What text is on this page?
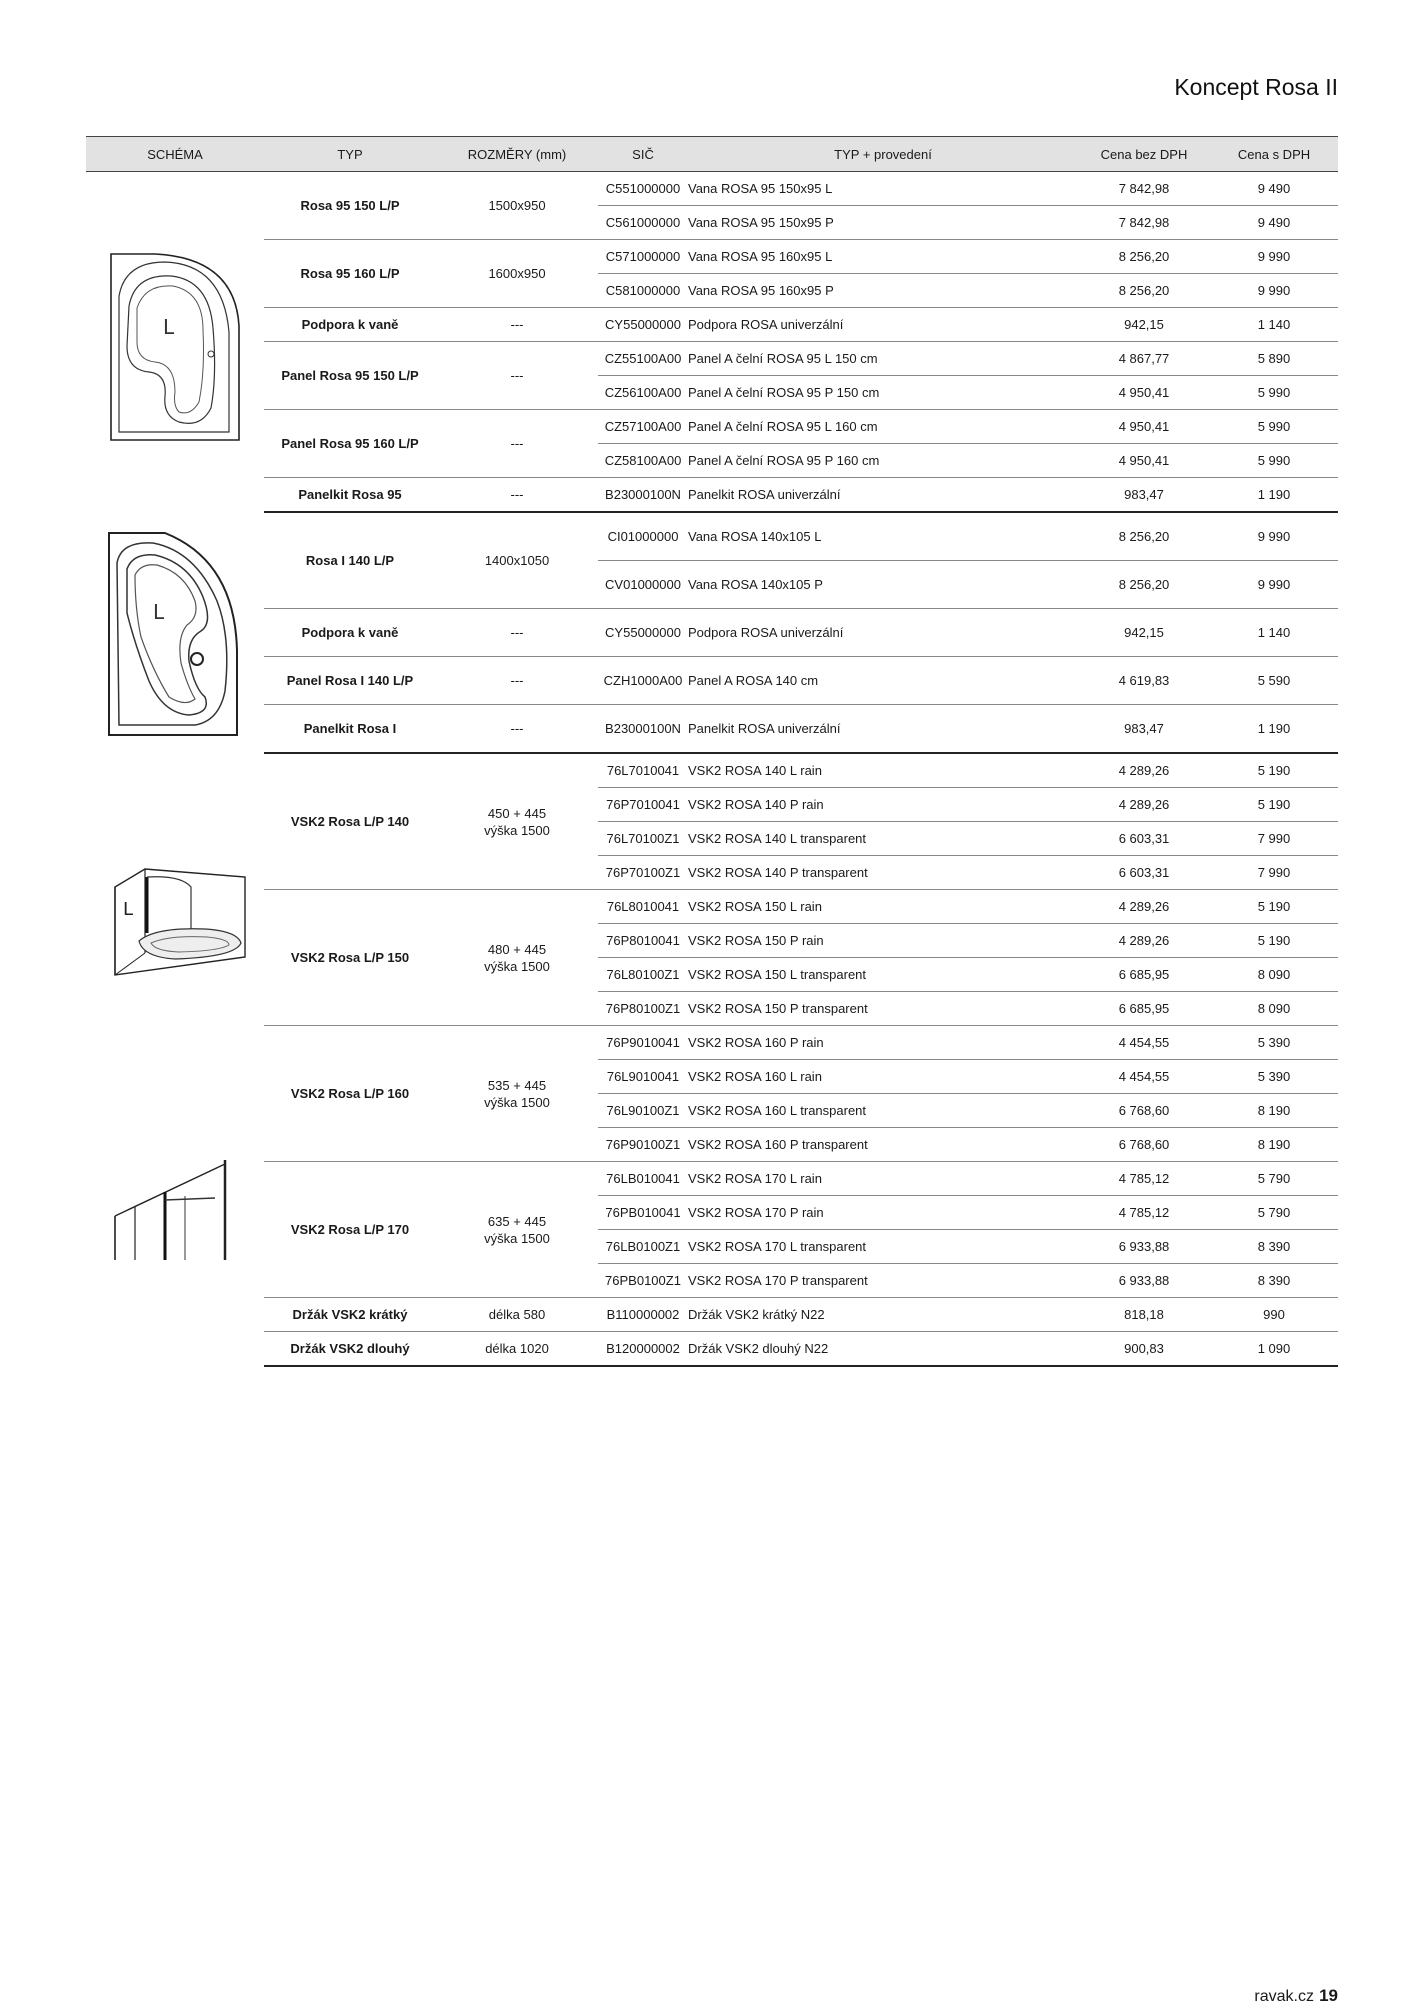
Koncept Rosa II
SCHÉMA	TYP	ROZMĚRY (mm)	SIČ	TYP + provedení	Cena bez DPH	Cena s DPH

L	Rosa 95 150 L/P	1500x950	C551000000	Vana ROSA 95 150x95 L	7 842,98	9 490
			C561000000	Vana ROSA 95 150x95 P	7 842,98	9 490
	Rosa 95 160 L/P	1600x950	C571000000	Vana ROSA 95 160x95 L	8 256,20	9 990
			C581000000	Vana ROSA 95 160x95 P	8 256,20	9 990
	Podpora k vaně	---	CY55000000	Podpora ROSA univerzální	942,15	1 140
	Panel Rosa 95 150 L/P	---	CZ55100A00	Panel A čelní ROSA 95 L 150 cm	4 867,77	5 890
			CZ56100A00	Panel A čelní ROSA 95 P 150 cm	4 950,41	5 990
	Panel Rosa 95 160 L/P	---	CZ57100A00	Panel A čelní ROSA 95 L 160 cm	4 950,41	5 990
			CZ58100A00	Panel A čelní ROSA 95 P 160 cm	4 950,41	5 990
	Panelkit Rosa 95	---	B23000100N	Panelkit ROSA univerzální	983,47	1 190

L	Rosa I 140 L/P	1400x1050	CI01000000	Vana ROSA 140x105 L	8 256,20	9 990
			CV01000000	Vana ROSA 140x105 P	8 256,20	9 990
	Podpora k vaně	---	CY55000000	Podpora ROSA univerzální	942,15	1 140
	Panel Rosa I 140 L/P	---	CZH1000A00	Panel A ROSA 140 cm	4 619,83	5 590
	Panelkit Rosa I	---	B23000100N	Panelkit ROSA univerzální	983,47	1 190

L	VSK2 Rosa L/P 140	450 + 445
výška 1500	76L7010041	VSK2 ROSA 140 L rain	4 289,26	5 190
			76P7010041	VSK2 ROSA 140 P rain	4 289,26	5 190
			76L70100Z1	VSK2 ROSA 140 L transparent	6 603,31	7 990
			76P70100Z1	VSK2 ROSA 140 P transparent	6 603,31	7 990
	VSK2 Rosa L/P 150	480 + 445
výška 1500	76L8010041	VSK2 ROSA 150 L rain	4 289,26	5 190
			76P8010041	VSK2 ROSA 150 P rain	4 289,26	5 190
			76L80100Z1	VSK2 ROSA 150 L transparent	6 685,95	8 090
			76P80100Z1	VSK2 ROSA 150 P transparent	6 685,95	8 090
	VSK2 Rosa L/P 160	535 + 445
výška 1500	76P9010041	VSK2 ROSA 160 P rain	4 454,55	5 390
			76L9010041	VSK2 ROSA 160 L rain	4 454,55	5 390
			76L90100Z1	VSK2 ROSA 160 L transparent	6 768,60	8 190
			76P90100Z1	VSK2 ROSA 160 P transparent	6 768,60	8 190
	VSK2 Rosa L/P 170	635 + 445
výška 1500	76LB010041	VSK2 ROSA 170 L rain	4 785,12	5 790
			76PB010041	VSK2 ROSA 170 P rain	4 785,12	5 790
			76LB0100Z1	VSK2 ROSA 170 L transparent	6 933,88	8 390
			76PB0100Z1	VSK2 ROSA 170 P transparent	6 933,88	8 390
	Držák VSK2 krátký	délka 580	B110000002	Držák VSK2 krátký N22	818,18	990
	Držák VSK2 dlouhý	délka 1020	B120000002	Držák VSK2 dlouhý N22	900,83	1 090
ravak.cz 19
